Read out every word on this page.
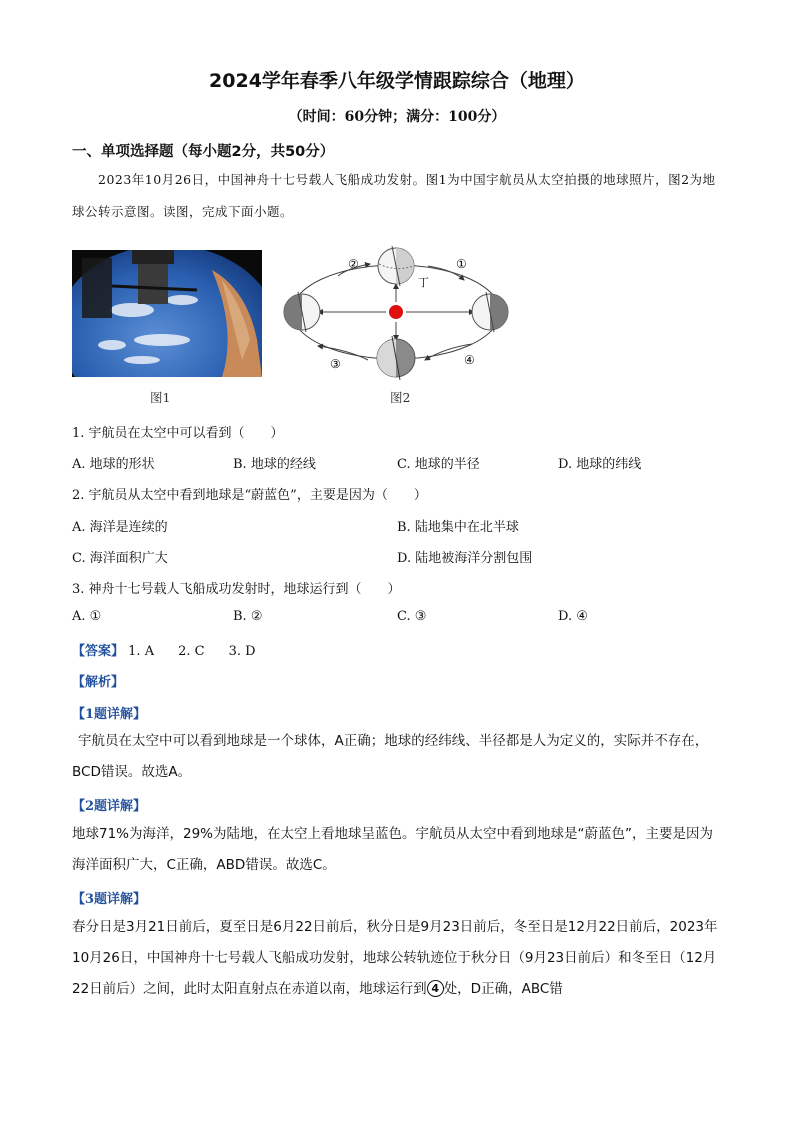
2024学年春季八年级学情跟踪综合（地理）
（时间：60分钟；满分：100分）
一、单项选择题（每小题2分，共50分）
2023年10月26日，中国神舟十七号载人飞船成功发射。图1为中国宇航员从太空拍摄的地球照片，图2为地球公转示意图。读图，完成下面小题。
②	①
③	④
丁
图1	图2
1. 宇航员在太空中可以看到（　　）
A. 地球的形状	B. 地球的经线	C. 地球的半径	D. 地球的纬线
2. 宇航员从太空中看到地球是“蔚蓝色”，主要是因为（　　）
A. 海洋是连续的	B. 陆地集中在北半球
C. 海洋面积广大	D. 陆地被海洋分割包围
3. 神舟十七号载人飞船成功发射时，地球运行到（　　）
A. ①	B. ②	C. ③	D. ④
【答案】 1. A 2. C 3. D
【解析】
【1题详解】
宇航员在太空中可以看到地球是一个球体，A正确；地球的经纬线、半径都是人为定义的，实际并不存在，BCD错误。故选A。
【2题详解】
地球71%为海洋，29%为陆地，在太空上看地球呈蓝色。宇航员从太空中看到地球是“蔚蓝色”，主要是因为海洋面积广大，C正确，ABD错误。故选C。
【3题详解】
春分日是3月21日前后，夏至日是6月22日前后，秋分日是9月23日前后，冬至日是12月22日前后，2023年10月26日，中国神舟十七号载人飞船成功发射，地球公转轨迹位于秋分日（9月23日前后）和冬至日（12月22日前后）之间，此时太阳直射点在赤道以南，地球运行到 4 处，D正确，ABC错
